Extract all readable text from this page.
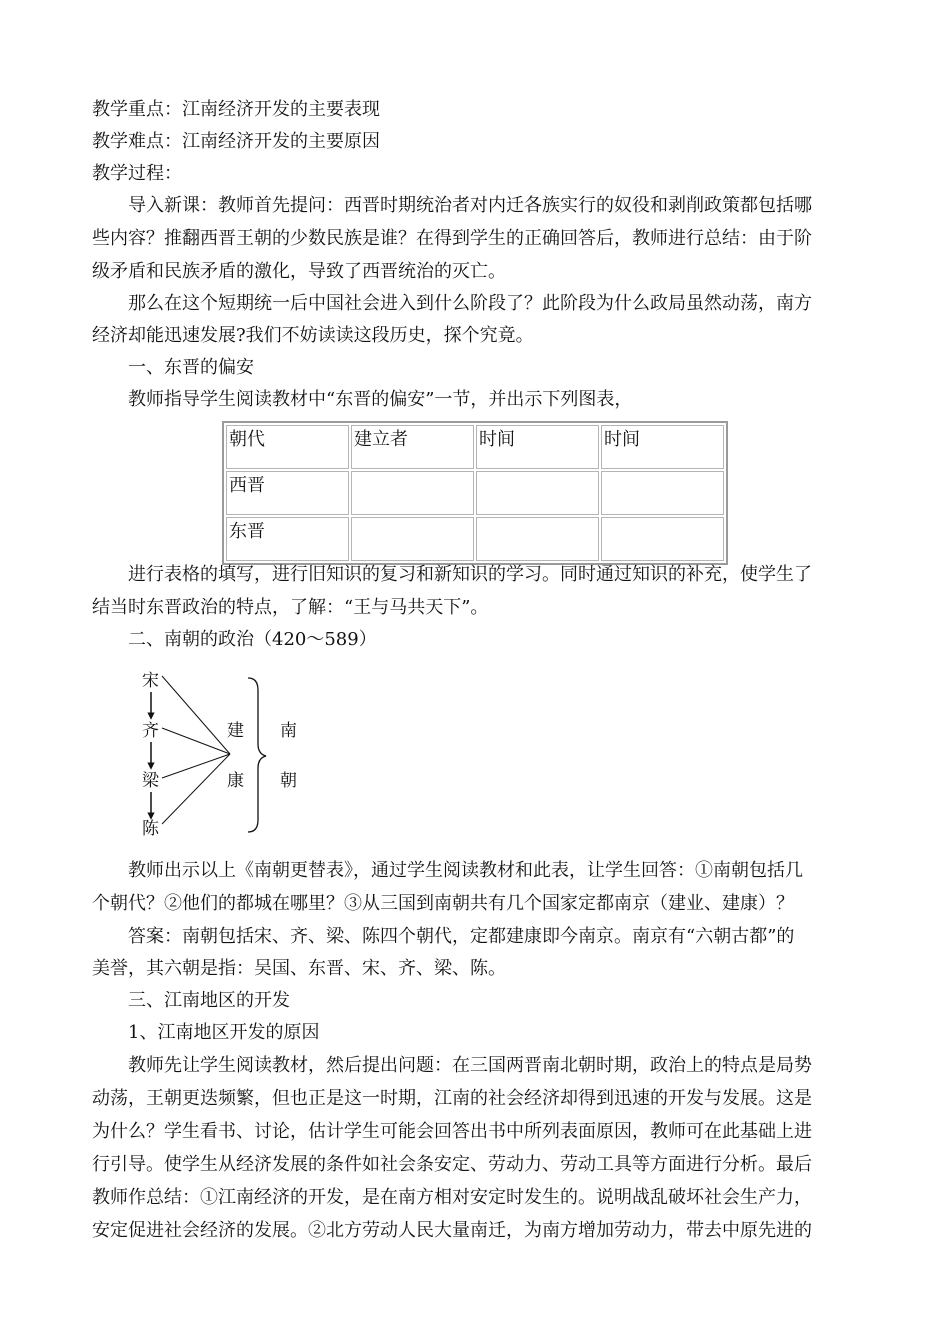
教学重点：江南经济开发的主要表现
教学难点：江南经济开发的主要原因
教学过程：
导入新课：教师首先提问：西晋时期统治者对内迁各族实行的奴役和剥削政策都包括哪
些内容？推翻西晋王朝的少数民族是谁？在得到学生的正确回答后，教师进行总结：由于阶
级矛盾和民族矛盾的激化，导致了西晋统治的灭亡。
那么在这个短期统一后中国社会进入到什么阶段了？此阶段为什么政局虽然动荡，南方
经济却能迅速发展?我们不妨读读这段历史，探个究竟。
一、东晋的偏安
教师指导学生阅读教材中“东晋的偏安”一节，并出示下列图表，
朝代	建立者	时间	时间
西晋			
东晋			
进行表格的填写，进行旧知识的复习和新知识的学习。同时通过知识的补充，使学生了
结当时东晋政治的特点，了解：“王与马共天下”。
二、南朝的政治（420～589）
宋
齐
梁
陈
建
康
南
朝
教师出示以上《南朝更替表》，通过学生阅读教材和此表，让学生回答：①南朝包括几
个朝代？②他们的都城在哪里？③从三国到南朝共有几个国家定都南京（建业、建康）？
答案：南朝包括宋、齐、梁、陈四个朝代，定都建康即今南京。南京有“六朝古都”的
美誉，其六朝是指：吴国、东晋、宋、齐、梁、陈。
三、江南地区的开发
1、江南地区开发的原因
教师先让学生阅读教材，然后提出问题：在三国两晋南北朝时期，政治上的特点是局势
动荡，王朝更迭频繁，但也正是这一时期，江南的社会经济却得到迅速的开发与发展。这是
为什么？学生看书、讨论，估计学生可能会回答出书中所列表面原因，教师可在此基础上进
行引导。使学生从经济发展的条件如社会条安定、劳动力、劳动工具等方面进行分析。最后
教师作总结：①江南经济的开发，是在南方相对安定时发生的。说明战乱破坏社会生产力，
安定促进社会经济的发展。②北方劳动人民大量南迁，为南方增加劳动力，带去中原先进的
